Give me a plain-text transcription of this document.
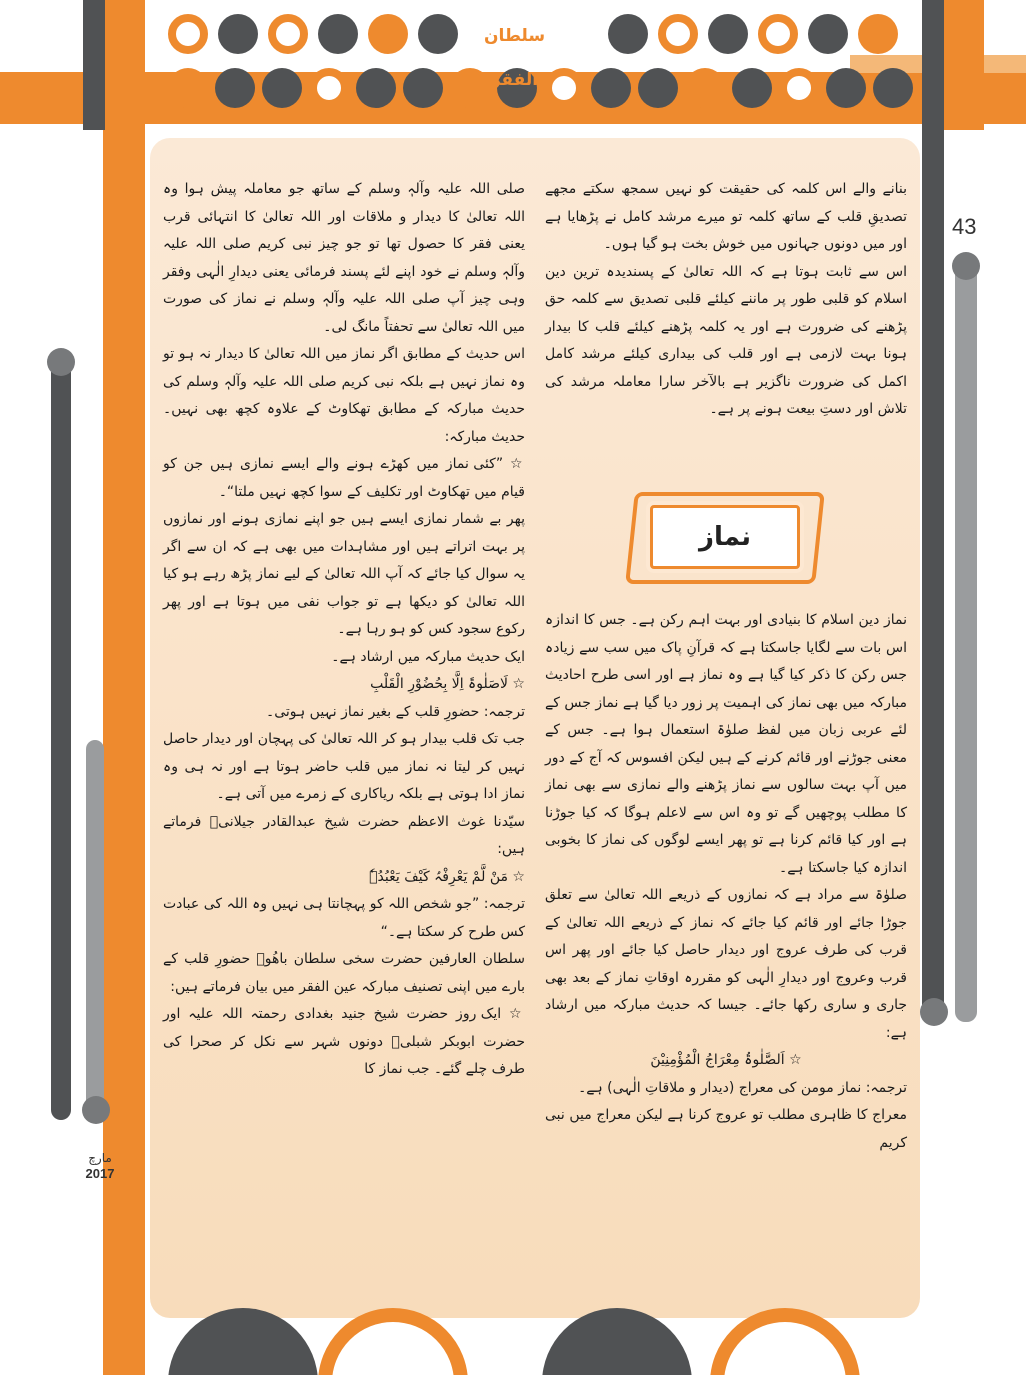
سلطان الفقر
43
مارچ
2017

بنانے والے اس کلمہ کی حقیقت کو نہیں سمجھ سکتے مجھے تصدیقِ قلب کے ساتھ کلمہ تو میرے مرشد کامل نے پڑھایا ہے اور میں دونوں جہانوں میں خوش بخت ہو گیا ہوں۔

اس سے ثابت ہوتا ہے کہ اللہ تعالیٰ کے پسندیدہ ترین دین اسلام کو قلبی طور پر ماننے کیلئے قلبی تصدیق سے کلمہ حق پڑھنے کی ضرورت ہے اور یہ کلمہ پڑھنے کیلئے قلب کا بیدار ہونا بہت لازمی ہے اور قلب کی بیداری کیلئے مرشد کامل اکمل کی ضرورت ناگزیر ہے بالآخر سارا معاملہ مرشد کی تلاش اور دستِ بیعت ہونے پر ہے۔

نماز

نماز دین اسلام کا بنیادی اور بہت اہم رکن ہے۔ جس کا اندازہ اس بات سے لگایا جاسکتا ہے کہ قرآنِ پاک میں سب سے زیادہ جس رکن کا ذکر کیا گیا ہے وہ نماز ہے اور اسی طرح احادیث مبارکہ میں بھی نماز کی اہمیت پر زور دیا گیا ہے نماز جس کے لئے عربی زبان میں لفظ صلوٰۃ استعمال ہوا ہے۔ جس کے معنی جوڑنے اور قائم کرنے کے ہیں لیکن افسوس کہ آج کے دور میں آپ بہت سالوں سے نماز پڑھنے والے نمازی سے بھی نماز کا مطلب پوچھیں گے تو وہ اس سے لاعلم ہوگا کہ کیا جوڑنا ہے اور کیا قائم کرنا ہے تو پھر ایسے لوگوں کی نماز کا بخوبی اندازہ کیا جاسکتا ہے۔

صلوٰۃ سے مراد ہے کہ نمازوں کے ذریعے اللہ تعالیٰ سے تعلق جوڑا جائے اور قائم کیا جائے کہ نماز کے ذریعے اللہ تعالیٰ کے قرب کی طرف عروج اور دیدار حاصل کیا جائے اور پھر اس قرب وعروج اور دیدارِ الٰہی کو مقررہ اوقاتِ نماز کے بعد بھی جاری و ساری رکھا جائے۔ جیسا کہ حدیث مبارکہ میں ارشاد ہے:

☆ اَلصَّلٰوۃُ مِعْرَاجُ الْمُؤْمِنِیْنَ

ترجمہ: نماز مومن کی معراج (دیدار و ملاقاتِ الٰہی) ہے۔

معراج کا ظاہری مطلب تو عروج کرنا ہے لیکن معراج میں نبی کریم

صلی اللہ علیہ وآلہٖ وسلم کے ساتھ جو معاملہ پیش ہوا وہ اللہ تعالیٰ کا دیدار و ملاقات اور اللہ تعالیٰ کا انتہائی قرب یعنی فقر کا حصول تھا تو جو چیز نبی کریم صلی اللہ علیہ وآلہٖ وسلم نے خود اپنے لئے پسند فرمائی یعنی دیدارِ الٰہی وفقر وہی چیز آپ صلی اللہ علیہ وآلہٖ وسلم نے نماز کی صورت میں اللہ تعالیٰ سے تحفتاً مانگ لی۔

اس حدیث کے مطابق اگر نماز میں اللہ تعالیٰ کا دیدار نہ ہو تو وہ نماز نہیں ہے بلکہ نبی کریم صلی اللہ علیہ وآلہٖ وسلم کی حدیث مبارکہ کے مطابق تھکاوٹ کے علاوہ کچھ بھی نہیں۔ حدیث مبارکہ:

☆ ”کئی نماز میں کھڑے ہونے والے ایسے نمازی ہیں جن کو قیام میں تھکاوٹ اور تکلیف کے سوا کچھ نہیں ملتا“۔

پھر بے شمار نمازی ایسے ہیں جو اپنے نمازی ہونے اور نمازوں پر بہت اتراتے ہیں اور مشاہدات میں بھی ہے کہ ان سے اگر یہ سوال کیا جائے کہ آپ اللہ تعالیٰ کے لیے نماز پڑھ رہے ہو کیا اللہ تعالیٰ کو دیکھا ہے تو جواب نفی میں ہوتا ہے اور پھر رکوع سجود کس کو ہو رہا ہے۔

ایک حدیث مبارکہ میں ارشاد ہے۔

☆ لَاصَلٰوۃَ اِلَّا بِحُضُوْرِ الْقَلْبِ

ترجمہ: حضورِ قلب کے بغیر نماز نہیں ہوتی۔

جب تک قلب بیدار ہو کر اللہ تعالیٰ کی پہچان اور دیدار حاصل نہیں کر لیتا نہ نماز میں قلب حاضر ہوتا ہے اور نہ ہی وہ نماز ادا ہوتی ہے بلکہ ریاکاری کے زمرے میں آتی ہے۔

سیّدنا غوث الاعظم حضرت شیخ عبدالقادر جیلانیؓ فرماتے ہیں:

☆ مَنْ لَّمْ یَعْرِفْہُ کَیْفَ یَعْبُدُہٗ

ترجمہ: ”جو شخص اللہ کو پہچانتا ہی نہیں وہ اللہ کی عبادت کس طرح کر سکتا ہے۔“

سلطان العارفین حضرت سخی سلطان باھُوؒ حضورِ قلب کے بارے میں اپنی تصنیف مبارکہ عین الفقر میں بیان فرماتے ہیں:

☆ ایک روز حضرت شیخ جنید بغدادی رحمتہ اللہ علیہ اور حضرت ابوبکر شبلیؒ دونوں شہر سے نکل کر صحرا کی طرف چلے گئے۔ جب نماز کا
